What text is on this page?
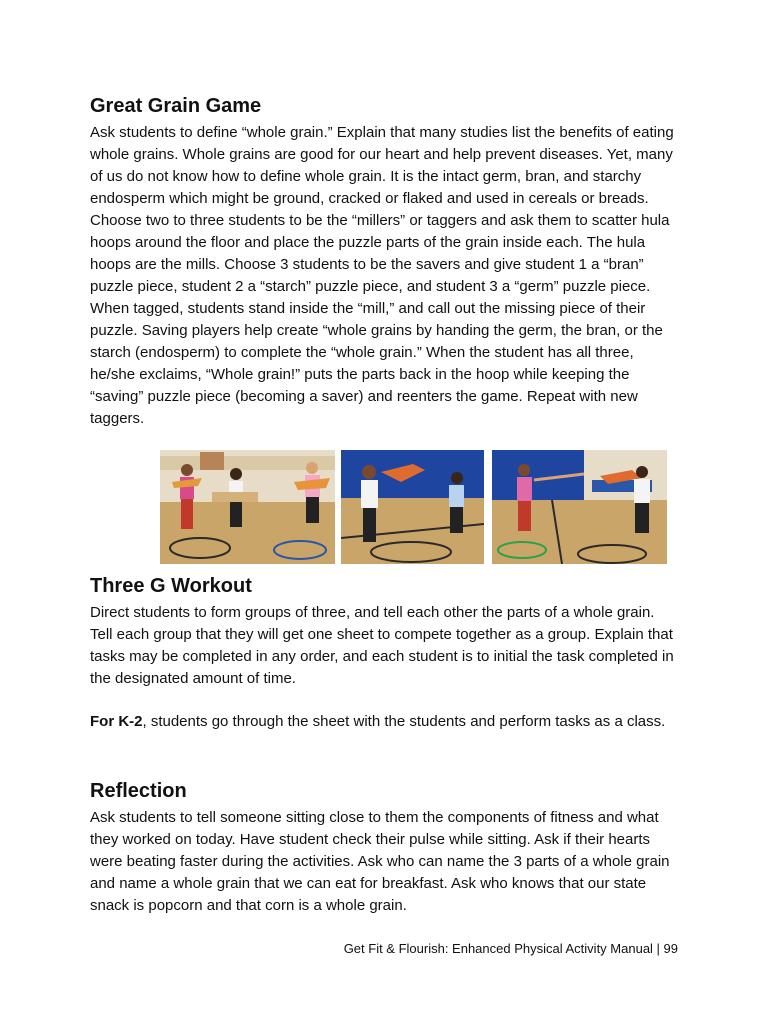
Great Grain Game

Ask students to define “whole grain.” Explain that many studies list the benefits of eating whole grains. Whole grains are good for our heart and help prevent diseases. Yet, many of us do not know how to define whole grain. It is the intact germ, bran, and starchy endosperm which might be ground, cracked or flaked and used in cereals or breads. Choose two to three students to be the “millers” or taggers and ask them to scatter hula hoops around the floor and place the puzzle parts of the grain inside each. The hula hoops are the mills. Choose 3 students to be the savers and give student 1 a “bran” puzzle piece, student 2 a “starch” puzzle piece, and student 3 a “germ” puzzle piece. When tagged, students stand inside the “mill,” and call out the missing piece of their puzzle. Saving players help create “whole grains by handing the germ, the bran, or the starch (endosperm) to complete the “whole grain.” When the student has all three, he/she exclaims, “Whole grain!” puts the parts back in the hoop while keeping the “saving” puzzle piece (becoming a saver) and reenters the game. Repeat with new taggers.

Three G Workout

Direct students to form groups of three, and tell each other the parts of a whole grain. Tell each group that they will get one sheet to compete together as a group. Explain that tasks may be completed in any order, and each student is to initial the task completed in the designated amount of time.

For K-2, students go through the sheet with the students and perform tasks as a class.

Reflection

Ask students to tell someone sitting close to them the components of fitness and what they worked on today. Have student check their pulse while sitting. Ask if their hearts were beating faster during the activities. Ask who can name the 3 parts of a whole grain and name a whole grain that we can eat for breakfast. Ask who knows that our state snack is popcorn and that corn is a whole grain.

Get Fit & Flourish: Enhanced Physical Activity Manual | 99
